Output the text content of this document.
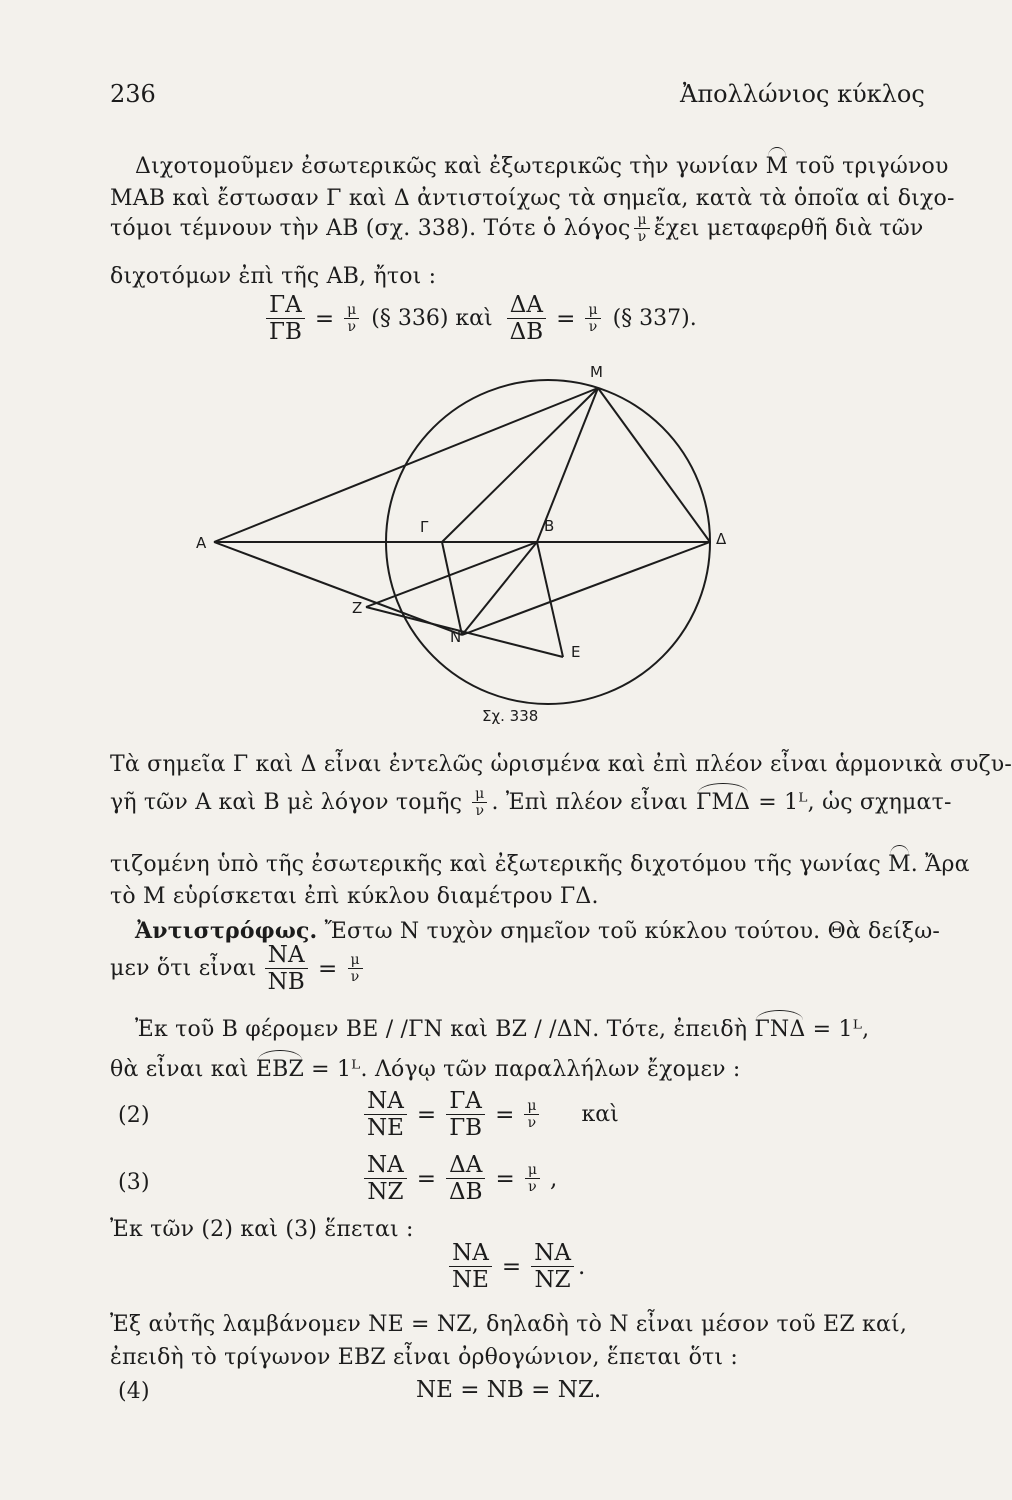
236	Ἀπολλώνιος κύκλος
Διχοτομοῦμεν ἐσωτερικῶς καὶ ἐξωτερικῶς τὴν γωνίαν Μ τοῦ τριγώνου
ΜΑΒ καὶ ἔστωσαν Γ καὶ Δ ἀντιστοίχως τὰ σημεῖα, κατὰ τὰ ὁποῖα αἱ διχο-
τόμοι τέμνουν τὴν ΑΒ (σχ. 338). Τότε ὁ λόγος $\frac{\mu}{\nu}$ ἔχει μεταφερθῆ διὰ τῶν
διχοτόμων ἐπὶ τῆς ΑΒ, ἤτοι :
$\frac{\Gamma A}{\Gamma B} = \frac{\mu}{\nu}$ (§ 336) καὶ $\frac{\Delta A}{\Delta B} = \frac{\mu}{\nu}$ (§ 337).
Α
Γ	Β
Δ
Μ
Ζ
Ν
Ε
Σχ. 338
Τὰ σημεῖα Γ καὶ Δ εἶναι ἐντελῶς ὡρισμένα καὶ ἐπὶ πλέον εἶναι ἁρμονικὰ συζυ-
γῆ τῶν Α καὶ Β μὲ λόγον τομῆς $\frac{\mu}{\nu}$ . Ἐπὶ πλέον εἶναι ΓΜΔ = 1ᴸ, ὡς σχηματ-
τιζομένη ὑπὸ τῆς ἐσωτερικῆς καὶ ἐξωτερικῆς διχοτόμου τῆς γωνίας Μ. Ἄρα
τὸ Μ εὑρίσκεται ἐπὶ κύκλου διαμέτρου ΓΔ.
Ἀντιστρόφως. Ἔστω Ν τυχὸν σημεῖον τοῦ κύκλου τούτου. Θὰ δείξω-
μεν ὅτι εἶναι $\frac{NA}{NB} = \frac{\mu}{\nu}$
Ἐκ τοῦ Β φέρομεν ΒΕ / /ΓΝ καὶ ΒΖ / /ΔΝ. Τότε, ἐπειδὴ ΓΝΔ = 1ᴸ,
θὰ εἶναι καὶ ΕΒΖ = 1ᴸ. Λόγῳ τῶν παραλλήλων ἔχομεν :
(2)	$\frac{NA}{NE} = \frac{\Gamma A}{\Gamma B} = \frac{\mu}{\nu}$ καὶ
(3)	$\frac{NA}{NZ} = \frac{\Delta A}{\Delta B} = \frac{\mu}{\nu}$ ,
Ἐκ τῶν (2) καὶ (3) ἕπεται :
$\frac{NA}{NE} = \frac{NA}{NZ}$ .
Ἐξ αὐτῆς λαμβάνομεν ΝΕ = ΝΖ, δηλαδὴ τὸ Ν εἶναι μέσον τοῦ ΕΖ καί,
ἐπειδὴ τὸ τρίγωνον ΕΒΖ εἶναι ὀρθογώνιον, ἕπεται ὅτι :
(4)	ΝΕ = ΝΒ = ΝΖ.
